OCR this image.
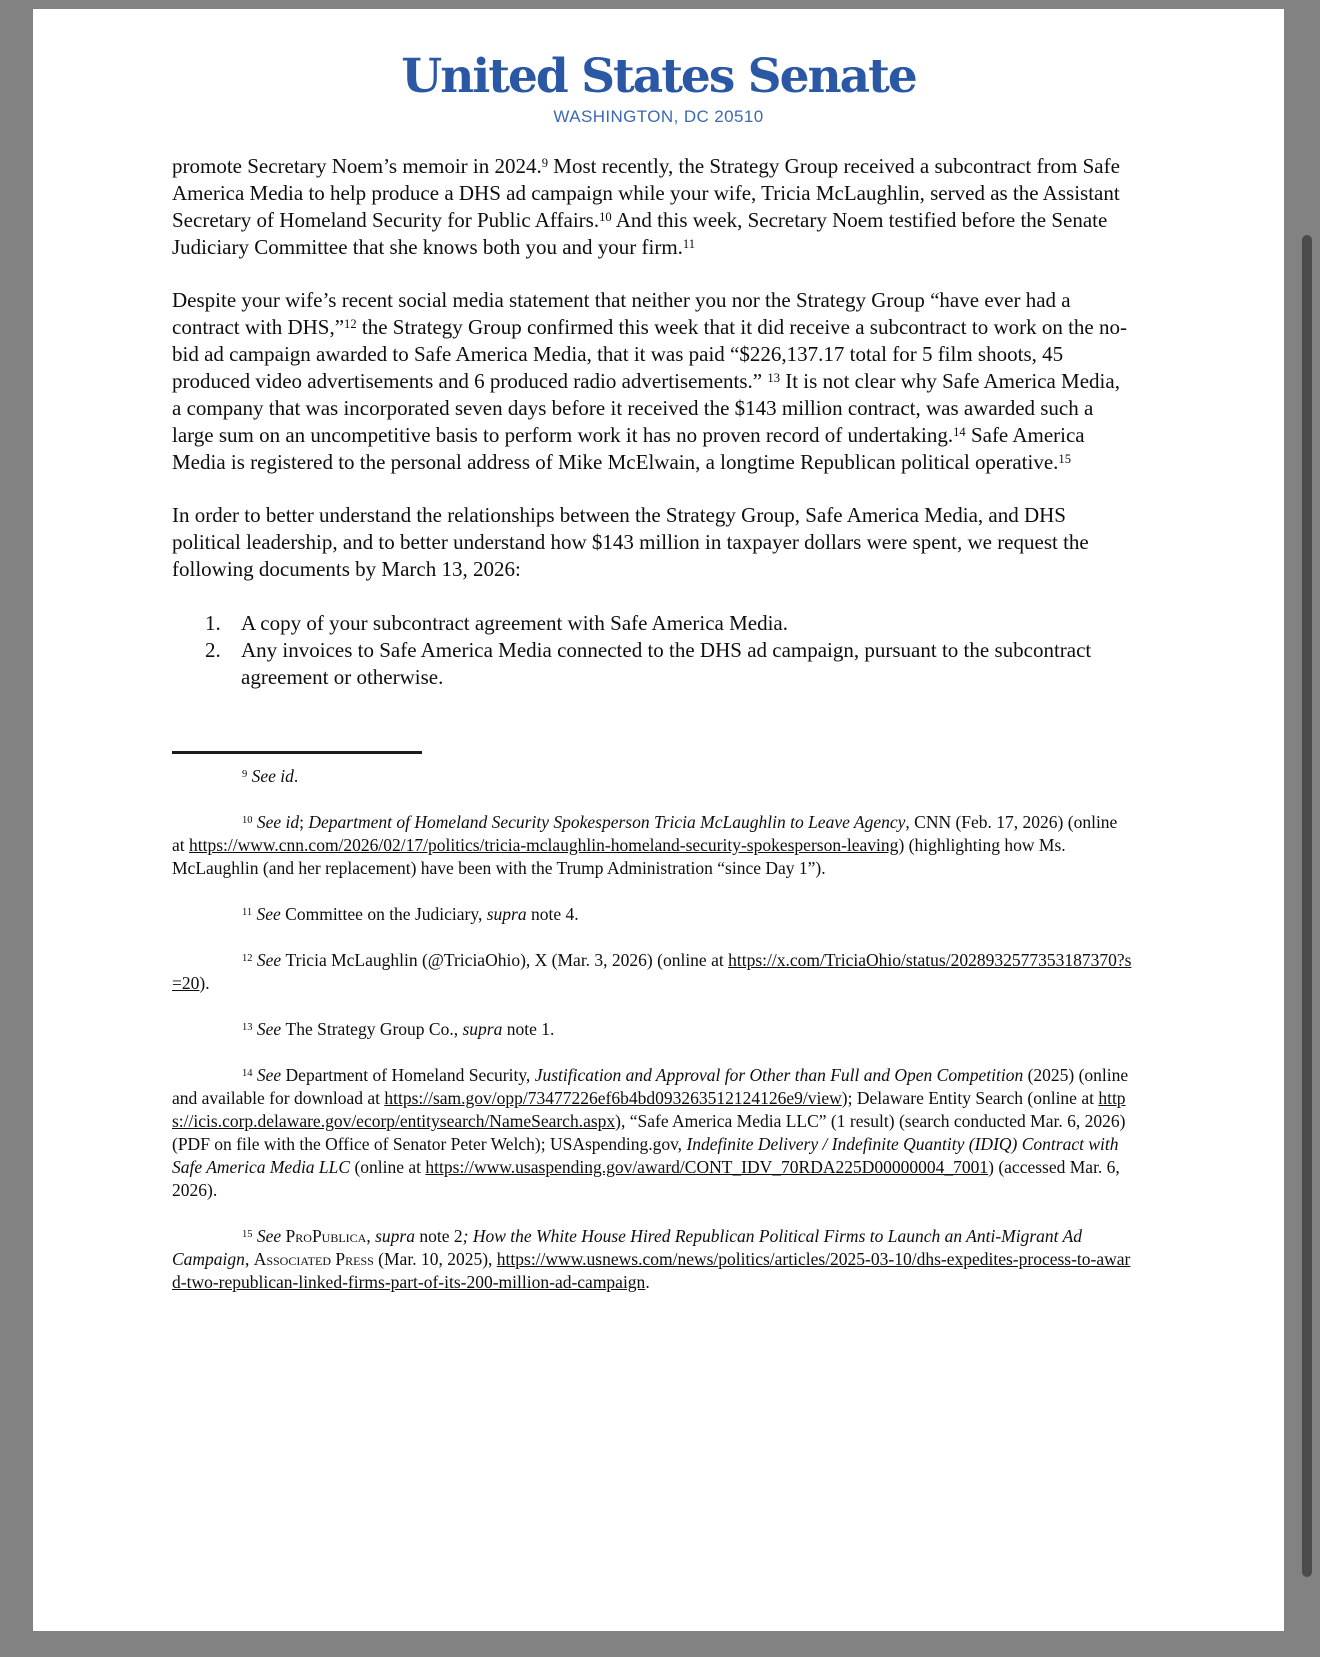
United States Senate
WASHINGTON, DC 20510

promote Secretary Noem’s memoir in 2024.$^9$ Most recently, the Strategy Group received a subcontract from Safe America Media to help produce a DHS ad campaign while your wife, Tricia McLaughlin, served as the Assistant Secretary of Homeland Security for Public Affairs.$^{10}$ And this week, Secretary Noem testified before the Senate Judiciary Committee that she knows both you and your firm.$^{11}$

Despite your wife’s recent social media statement that neither you nor the Strategy Group “have ever had a contract with DHS,”$^{12}$ the Strategy Group confirmed this week that it did receive a subcontract to work on the no-bid ad campaign awarded to Safe America Media, that it was paid “$226,137.17 total for 5 film shoots, 45 produced video advertisements and 6 produced radio advertisements.” $^{13}$ It is not clear why Safe America Media, a company that was incorporated seven days before it received the $143 million contract, was awarded such a large sum on an uncompetitive basis to perform work it has no proven record of undertaking.$^{14}$ Safe America Media is registered to the personal address of Mike McElwain, a longtime Republican political operative.$^{15}$

In order to better understand the relationships between the Strategy Group, Safe America Media, and DHS political leadership, and to better understand how $143 million in taxpayer dollars were spent, we request the following documents by March 13, 2026:

1. A copy of your subcontract agreement with Safe America Media.
2. Any invoices to Safe America Media connected to the DHS ad campaign, pursuant to the subcontract agreement or otherwise.

$^9$ See id.

$^{10}$ See id; Department of Homeland Security Spokesperson Tricia McLaughlin to Leave Agency, CNN (Feb. 17, 2026) (online at https://www.cnn.com/2026/02/17/politics/tricia-mclaughlin-homeland-security-spokesperson-leaving) (highlighting how Ms. McLaughlin (and her replacement) have been with the Trump Administration “since Day 1”).

$^{11}$ See Committee on the Judiciary, supra note 4.

$^{12}$ See Tricia McLaughlin (@TriciaOhio), X (Mar. 3, 2026) (online at https://x.com/TriciaOhio/status/2028932577353187370?s=20).

$^{13}$ See The Strategy Group Co., supra note 1.

$^{14}$ See Department of Homeland Security, Justification and Approval for Other than Full and Open Competition (2025) (online and available for download at https://sam.gov/opp/73477226ef6b4bd093263512124126e9/view); Delaware Entity Search (online at https://icis.corp.delaware.gov/ecorp/entitysearch/NameSearch.aspx), “Safe America Media LLC” (1 result) (search conducted Mar. 6, 2026) (PDF on file with the Office of Senator Peter Welch); USAspending.gov, Indefinite Delivery / Indefinite Quantity (IDIQ) Contract with Safe America Media LLC (online at https://www.usaspending.gov/award/CONT_IDV_70RDA225D00000004_7001) (accessed Mar. 6, 2026).

$^{15}$ See ProPublica, supra note 2; How the White House Hired Republican Political Firms to Launch an Anti-Migrant Ad Campaign, Associated Press (Mar. 10, 2025), https://www.usnews.com/news/politics/articles/2025-03-10/dhs-expedites-process-to-award-two-republican-linked-firms-part-of-its-200-million-ad-campaign.
